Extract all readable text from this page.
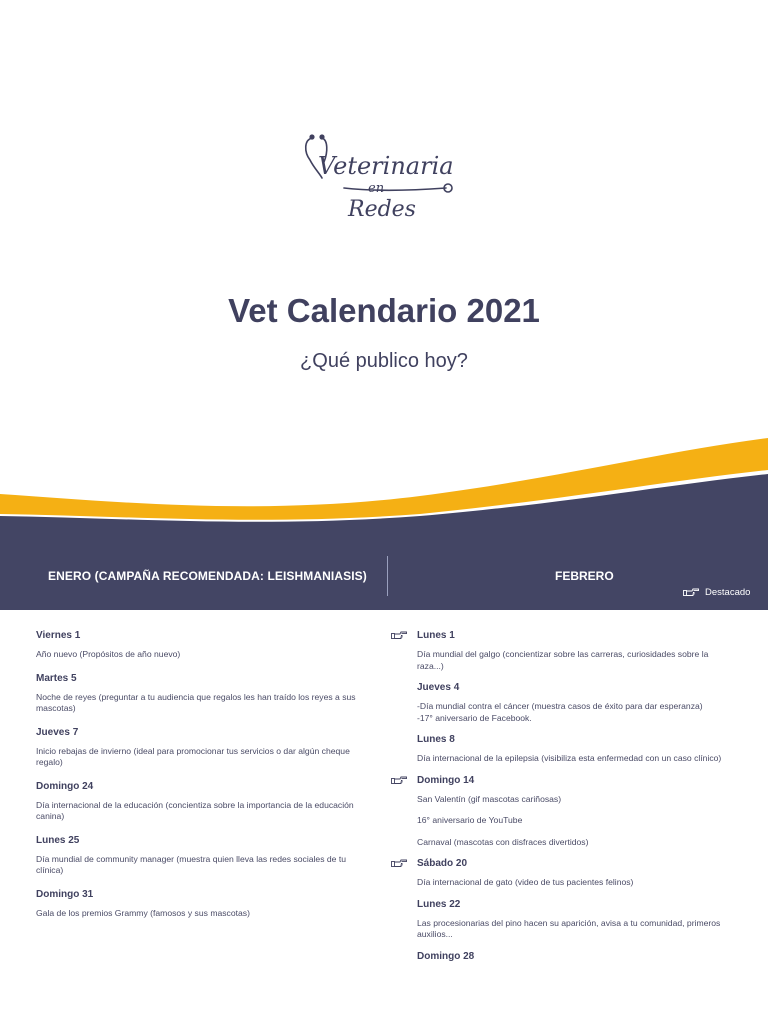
Veterinaria
en
Redes
Vet Calendario 2021
¿Qué publico hoy?
ENERO (CAMPAÑA RECOMENDADA: LEISHMANIASIS)	FEBRERO
Destacado
Viernes 1
Año nuevo (Propósitos de año nuevo)
Martes 5
Noche de reyes (preguntar a tu audiencia que regalos les han traído los reyes a sus mascotas)
Jueves 7
Inicio rebajas de invierno (ideal para promocionar tus servicios o dar algún cheque regalo)
Domingo 24
Día internacional de la educación (concientiza sobre la importancia de la educación canina)
Lunes 25
Día mundial de community manager (muestra quien lleva las redes sociales de tu clínica)
Domingo 31
Gala de los premios Grammy (famosos y sus mascotas)
Lunes 1
Día mundial del galgo (concientizar sobre las carreras, curiosidades sobre la raza...)
Jueves 4
-Día mundial contra el cáncer (muestra casos de éxito para dar esperanza)
-17° aniversario de Facebook.
Lunes 8
Día internacional de la epilepsia (visibiliza esta enfermedad con un caso clínico)
Domingo 14
San Valentín (gif mascotas cariñosas)
16° aniversario de YouTube
Carnaval (mascotas con disfraces divertidos)
Sábado 20
Día internacional de gato (video de tus pacientes felinos)
Lunes 22
Las procesionarias del pino hacen su aparición, avisa a tu comunidad, primeros auxilios...
Domingo 28
